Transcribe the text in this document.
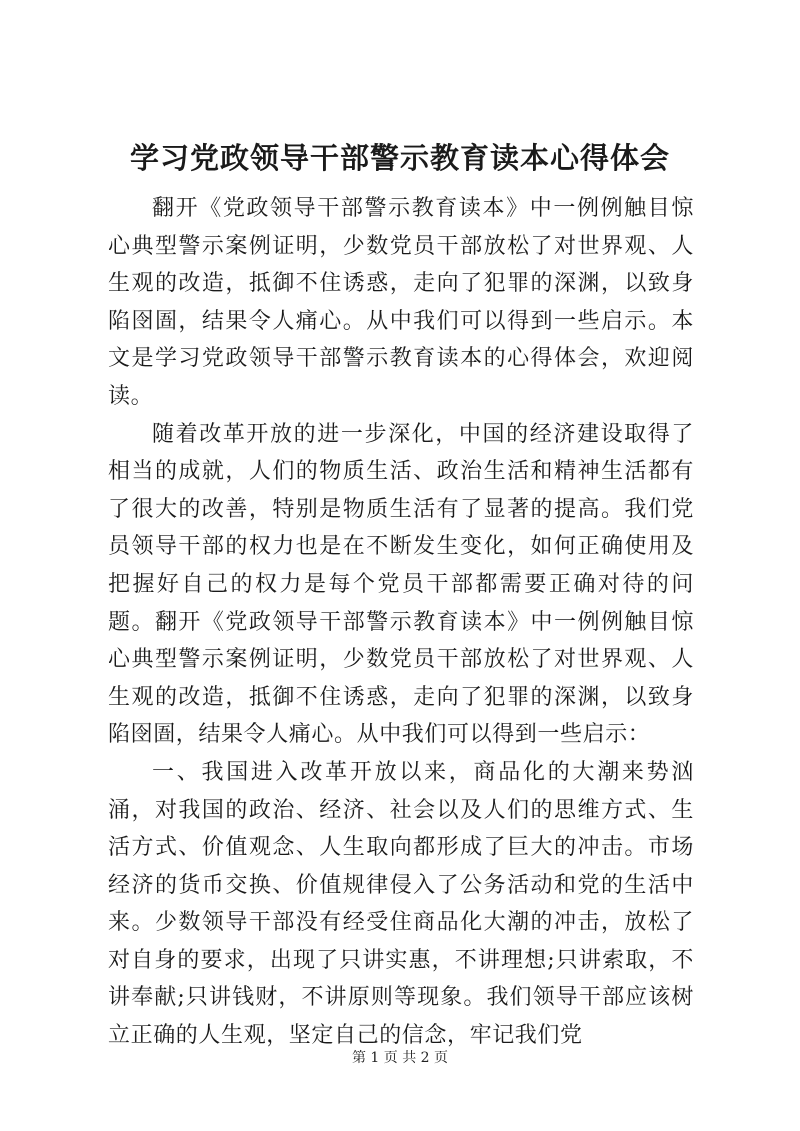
学习党政领导干部警示教育读本心得体会

翻开《党政领导干部警示教育读本》中一例例触目惊心典型警示案例证明，少数党员干部放松了对世界观、人生观的改造，抵御不住诱惑，走向了犯罪的深渊，以致身陷囹圄，结果令人痛心。从中我们可以得到一些启示。本文是学习党政领导干部警示教育读本的心得体会，欢迎阅读。

随着改革开放的进一步深化，中国的经济建设取得了相当的成就，人们的物质生活、政治生活和精神生活都有了很大的改善，特别是物质生活有了显著的提高。我们党员领导干部的权力也是在不断发生变化，如何正确使用及把握好自己的权力是每个党员干部都需要正确对待的问题。翻开《党政领导干部警示教育读本》中一例例触目惊心典型警示案例证明，少数党员干部放松了对世界观、人生观的改造，抵御不住诱惑，走向了犯罪的深渊，以致身陷囹圄，结果令人痛心。从中我们可以得到一些启示：

一、我国进入改革开放以来，商品化的大潮来势汹涌，对我国的政治、经济、社会以及人们的思维方式、生活方式、价值观念、人生取向都形成了巨大的冲击。市场经济的货币交换、价值规律侵入了公务活动和党的生活中来。少数领导干部没有经受住商品化大潮的冲击，放松了对自身的要求，出现了只讲实惠，不讲理想;只讲索取，不讲奉献;只讲钱财，不讲原则等现象。我们领导干部应该树立正确的人生观，坚定自己的信念，牢记我们党

第 1 页 共 2 页
